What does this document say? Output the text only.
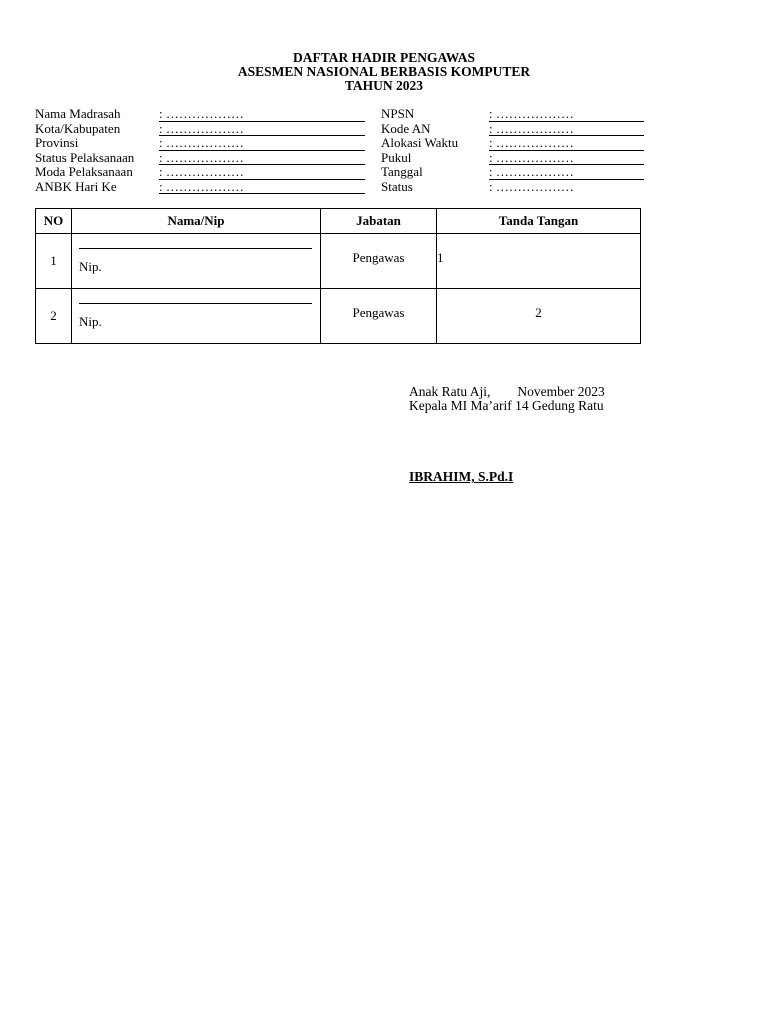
DAFTAR HADIR PENGAWAS
ASESMEN NASIONAL BERBASIS KOMPUTER
TAHUN 2023
Nama Madrasah	: ………………
Kota/Kabupaten	: ………………
Provinsi	: ………………
Status Pelaksanaan	: ………………
Moda Pelaksanaan	: ………………
ANBK Hari Ke	: ………………
NPSN	: ………………
Kode AN	: ………………
Alokasi Waktu	: ………………
Pukul	: ………………
Tanggal	: ………………
Status	: ………………
NO	Nama/Nip	Jabatan	Tanda Tangan
1	Nip.	Pengawas	1
2	Nip.	Pengawas	2
Anak Ratu Aji,        November 2023
Kepala MI Ma’arif 14 Gedung Ratu
IBRAHIM, S.Pd.I
